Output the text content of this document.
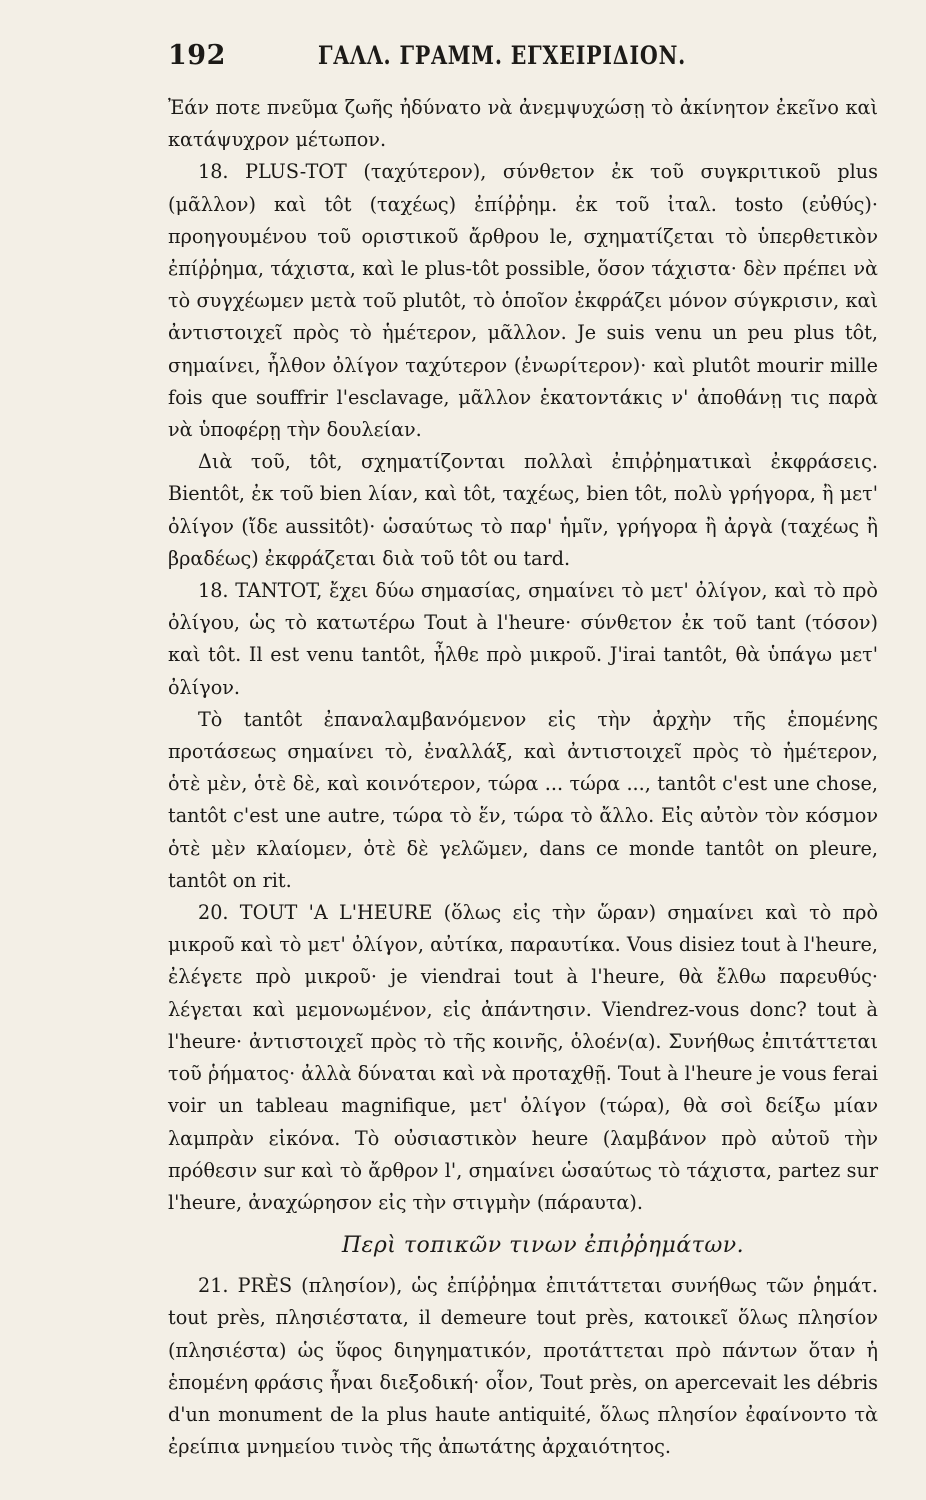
192	ΓΑΛΛ. ΓΡΑΜΜ. ΕΓΧΕΙΡΙΔΙΟΝ.

Ἐάν ποτε πνεῦμα ζωῆς ἠδύνατο νὰ ἀνεμψυχώσῃ τὸ ἀκίνητον ἐκεῖνο καὶ κατάψυχρον μέτωπον.

18. PLUS-TOT (ταχύτερον), σύνθετον ἐκ τοῦ συγκριτικοῦ plus (μᾶλλον) καὶ tôt (ταχέως) ἐπίῤῥημ. ἐκ τοῦ ἰταλ. tosto (εὐθύς)· προηγουμένου τοῦ οριστικοῦ ἄρθρου le, σχηματίζεται τὸ ὑπερθετικὸν ἐπίῤῥημα, τάχιστα, καὶ le plus-tôt possible, ὅσον τάχιστα· δὲν πρέπει νὰ τὸ συγχέωμεν μετὰ τοῦ plutôt, τὸ ὁποῖον ἐκφράζει μόνον σύγκρισιν, καὶ ἀντιστοιχεῖ πρὸς τὸ ἡμέτερον, μᾶλλον. Je suis venu un peu plus tôt, σημαίνει, ἦλθον ὀλίγον ταχύτερον (ἐνωρίτερον)· καὶ plutôt mourir mille fois que souffrir l'esclavage, μᾶλλον ἑκατοντάκις ν' ἀποθάνῃ τις παρὰ νὰ ὑποφέρῃ τὴν δουλείαν.

Διὰ τοῦ, tôt, σχηματίζονται πολλαὶ ἐπιῤῥηματικαὶ ἐκφράσεις. Bientôt, ἐκ τοῦ bien λίαν, καὶ tôt, ταχέως, bien tôt, πολὺ γρήγορα, ἢ μετ' ὀλίγον (ἴδε aussitôt)· ὡσαύτως τὸ παρ' ἡμῖν, γρήγορα ἢ ἀργὰ (ταχέως ἢ βραδέως) ἐκφράζεται διὰ τοῦ tôt ou tard.

18. TANTOT, ἔχει δύω σημασίας, σημαίνει τὸ μετ' ὀλίγον, καὶ τὸ πρὸ ὀλίγου, ὡς τὸ κατωτέρω Tout à l'heure· σύνθετον ἐκ τοῦ tant (τόσον) καὶ tôt. Il est venu tantôt, ἦλθε πρὸ μικροῦ. J'irai tantôt, θὰ ὑπάγω μετ' ὀλίγον.

Τὸ tantôt ἐπαναλαμβανόμενον εἰς τὴν ἀρχὴν τῆς ἑπομένης προτάσεως σημαίνει τὸ, ἐναλλάξ, καὶ ἀντιστοιχεῖ πρὸς τὸ ἡμέτερον, ὁτὲ μὲν, ὁτὲ δὲ, καὶ κοινότερον, τώρα ... τώρα ..., tantôt c'est une chose, tantôt c'est une autre, τώρα τὸ ἕν, τώρα τὸ ἄλλο. Εἰς αὐτὸν τὸν κόσμον ὁτὲ μὲν κλαίομεν, ὁτὲ δὲ γελῶμεν, dans ce monde tantôt on pleure, tantôt on rit.

20. TOUT 'A L'HEURE (ὅλως εἰς τὴν ὥραν) σημαίνει καὶ τὸ πρὸ μικροῦ καὶ τὸ μετ' ὀλίγον, αὐτίκα, παραυτίκα. Vous disiez tout à l'heure, ἐλέγετε πρὸ μικροῦ· je viendrai tout à l'heure, θὰ ἔλθω παρευθύς· λέγεται καὶ μεμονωμένον, εἰς ἀπάντησιν. Viendrez-vous donc? tout à l'heure· ἀντιστοιχεῖ πρὸς τὸ τῆς κοινῆς, ὁλοέν(α). Συνήθως ἐπιτάττεται τοῦ ῥήματος· ἀλλὰ δύναται καὶ νὰ προταχθῇ. Tout à l'heure je vous ferai voir un tableau magnifique, μετ' ὀλίγον (τώρα), θὰ σοὶ δείξω μίαν λαμπρὰν εἰκόνα. Τὸ οὐσιαστικὸν heure (λαμβάνον πρὸ αὐτοῦ τὴν πρόθεσιν sur καὶ τὸ ἄρθρον l', σημαίνει ὡσαύτως τὸ τάχιστα, partez sur l'heure, ἀναχώρησον εἰς τὴν στιγμὴν (πάραυτα).

Περὶ τοπικῶν τινων ἐπιῤῥημάτων.

21. PRÈS (πλησίον), ὡς ἐπίῤῥημα ἐπιτάττεται συνήθως τῶν ῥημάτ. tout près, πλησιέστατα, il demeure tout près, κατοικεῖ ὅλως πλησίον (πλησιέστα) ὡς ὕφος διηγηματικόν, προτάττεται πρὸ πάντων ὅταν ἡ ἑπομένη φράσις ἦναι διεξοδική· οἷον, Tout près, on apercevait les débris d'un monument de la plus haute antiquité, ὅλως πλησίον ἐφαίνοντο τὰ ἐρείπια μνημείου τινὸς τῆς ἀπωτάτης ἀρχαιότητος.
